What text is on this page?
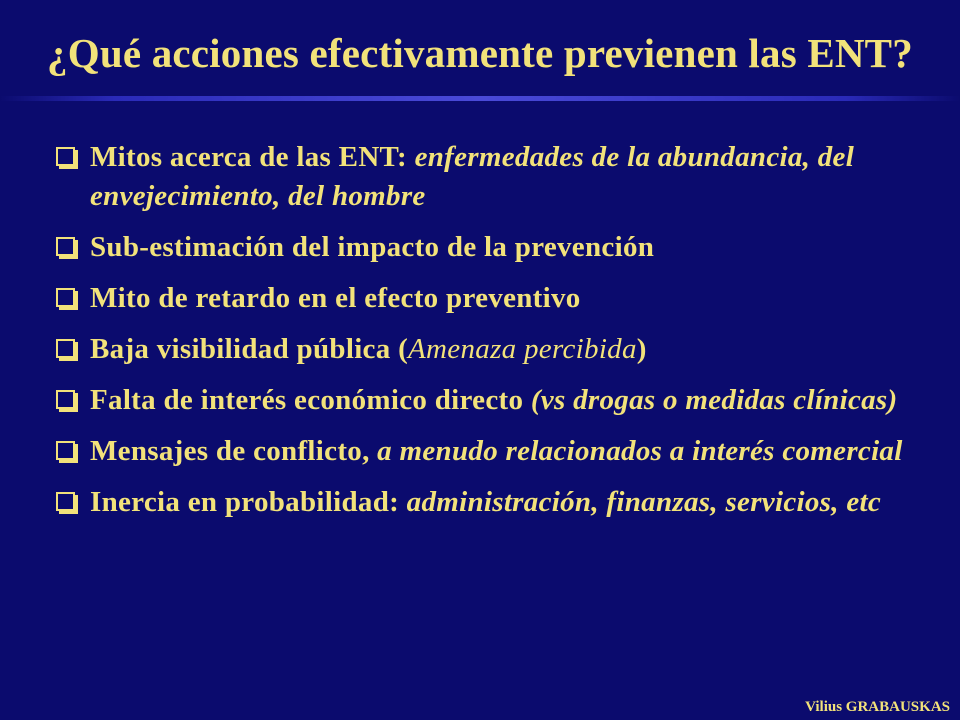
¿Qué acciones efectivamente previenen las ENT?
Mitos acerca de las ENT: enfermedades de la abundancia, del envejecimiento, del hombre
Sub-estimación del impacto de la prevención
Mito de retardo en el efecto preventivo
Baja visibilidad pública (Amenaza percibida)
Falta de interés económico directo (vs drogas o medidas clínicas)
Mensajes de conflicto, a menudo relacionados a interés comercial
Inercia en probabilidad: administración, finanzas, servicios, etc
Vilius GRABAUSKAS
